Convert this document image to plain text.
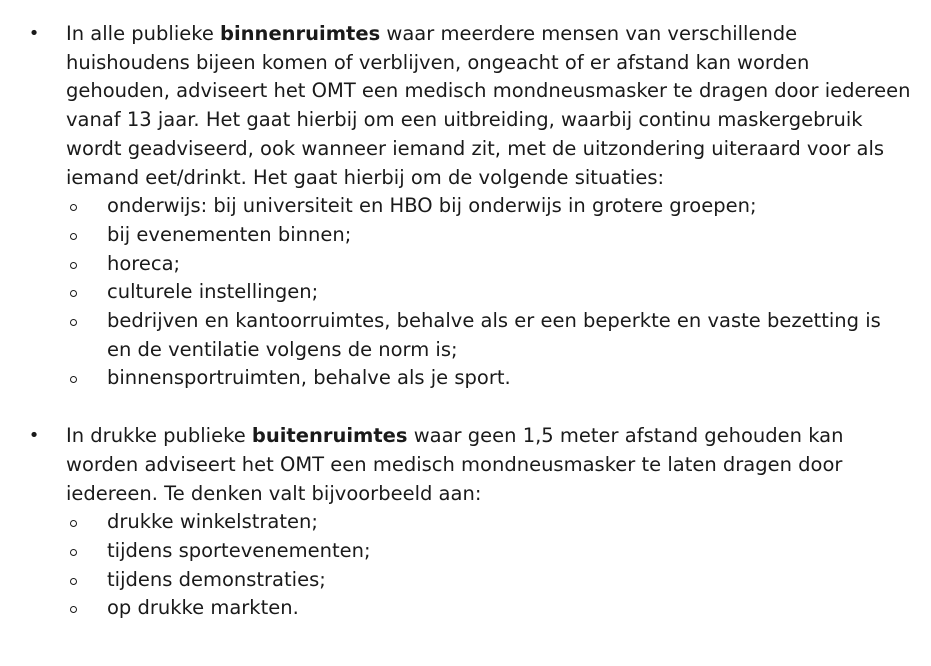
• In alle publieke binnenruimtes waar meerdere mensen van verschillende huishoudens bijeen komen of verblijven, ongeacht of er afstand kan worden gehouden, adviseert het OMT een medisch mondneusmasker te dragen door iedereen vanaf 13 jaar. Het gaat hierbij om een uitbreiding, waarbij continu maskergebruik wordt geadviseerd, ook wanneer iemand zit, met de uitzondering uiteraard voor als iemand eet/drinkt. Het gaat hierbij om de volgende situaties:
onderwijs: bij universiteit en HBO bij onderwijs in grotere groepen;
bij evenementen binnen;
horeca;
culturele instellingen;
bedrijven en kantoorruimtes, behalve als er een beperkte en vaste bezetting is en de ventilatie volgens de norm is;
binnensportruimten, behalve als je sport.
• In drukke publieke buitenruimtes waar geen 1,5 meter afstand gehouden kan worden adviseert het OMT een medisch mondneusmasker te laten dragen door iedereen. Te denken valt bijvoorbeeld aan:
drukke winkelstraten;
tijdens sportevenementen;
tijdens demonstraties;
op drukke markten.
